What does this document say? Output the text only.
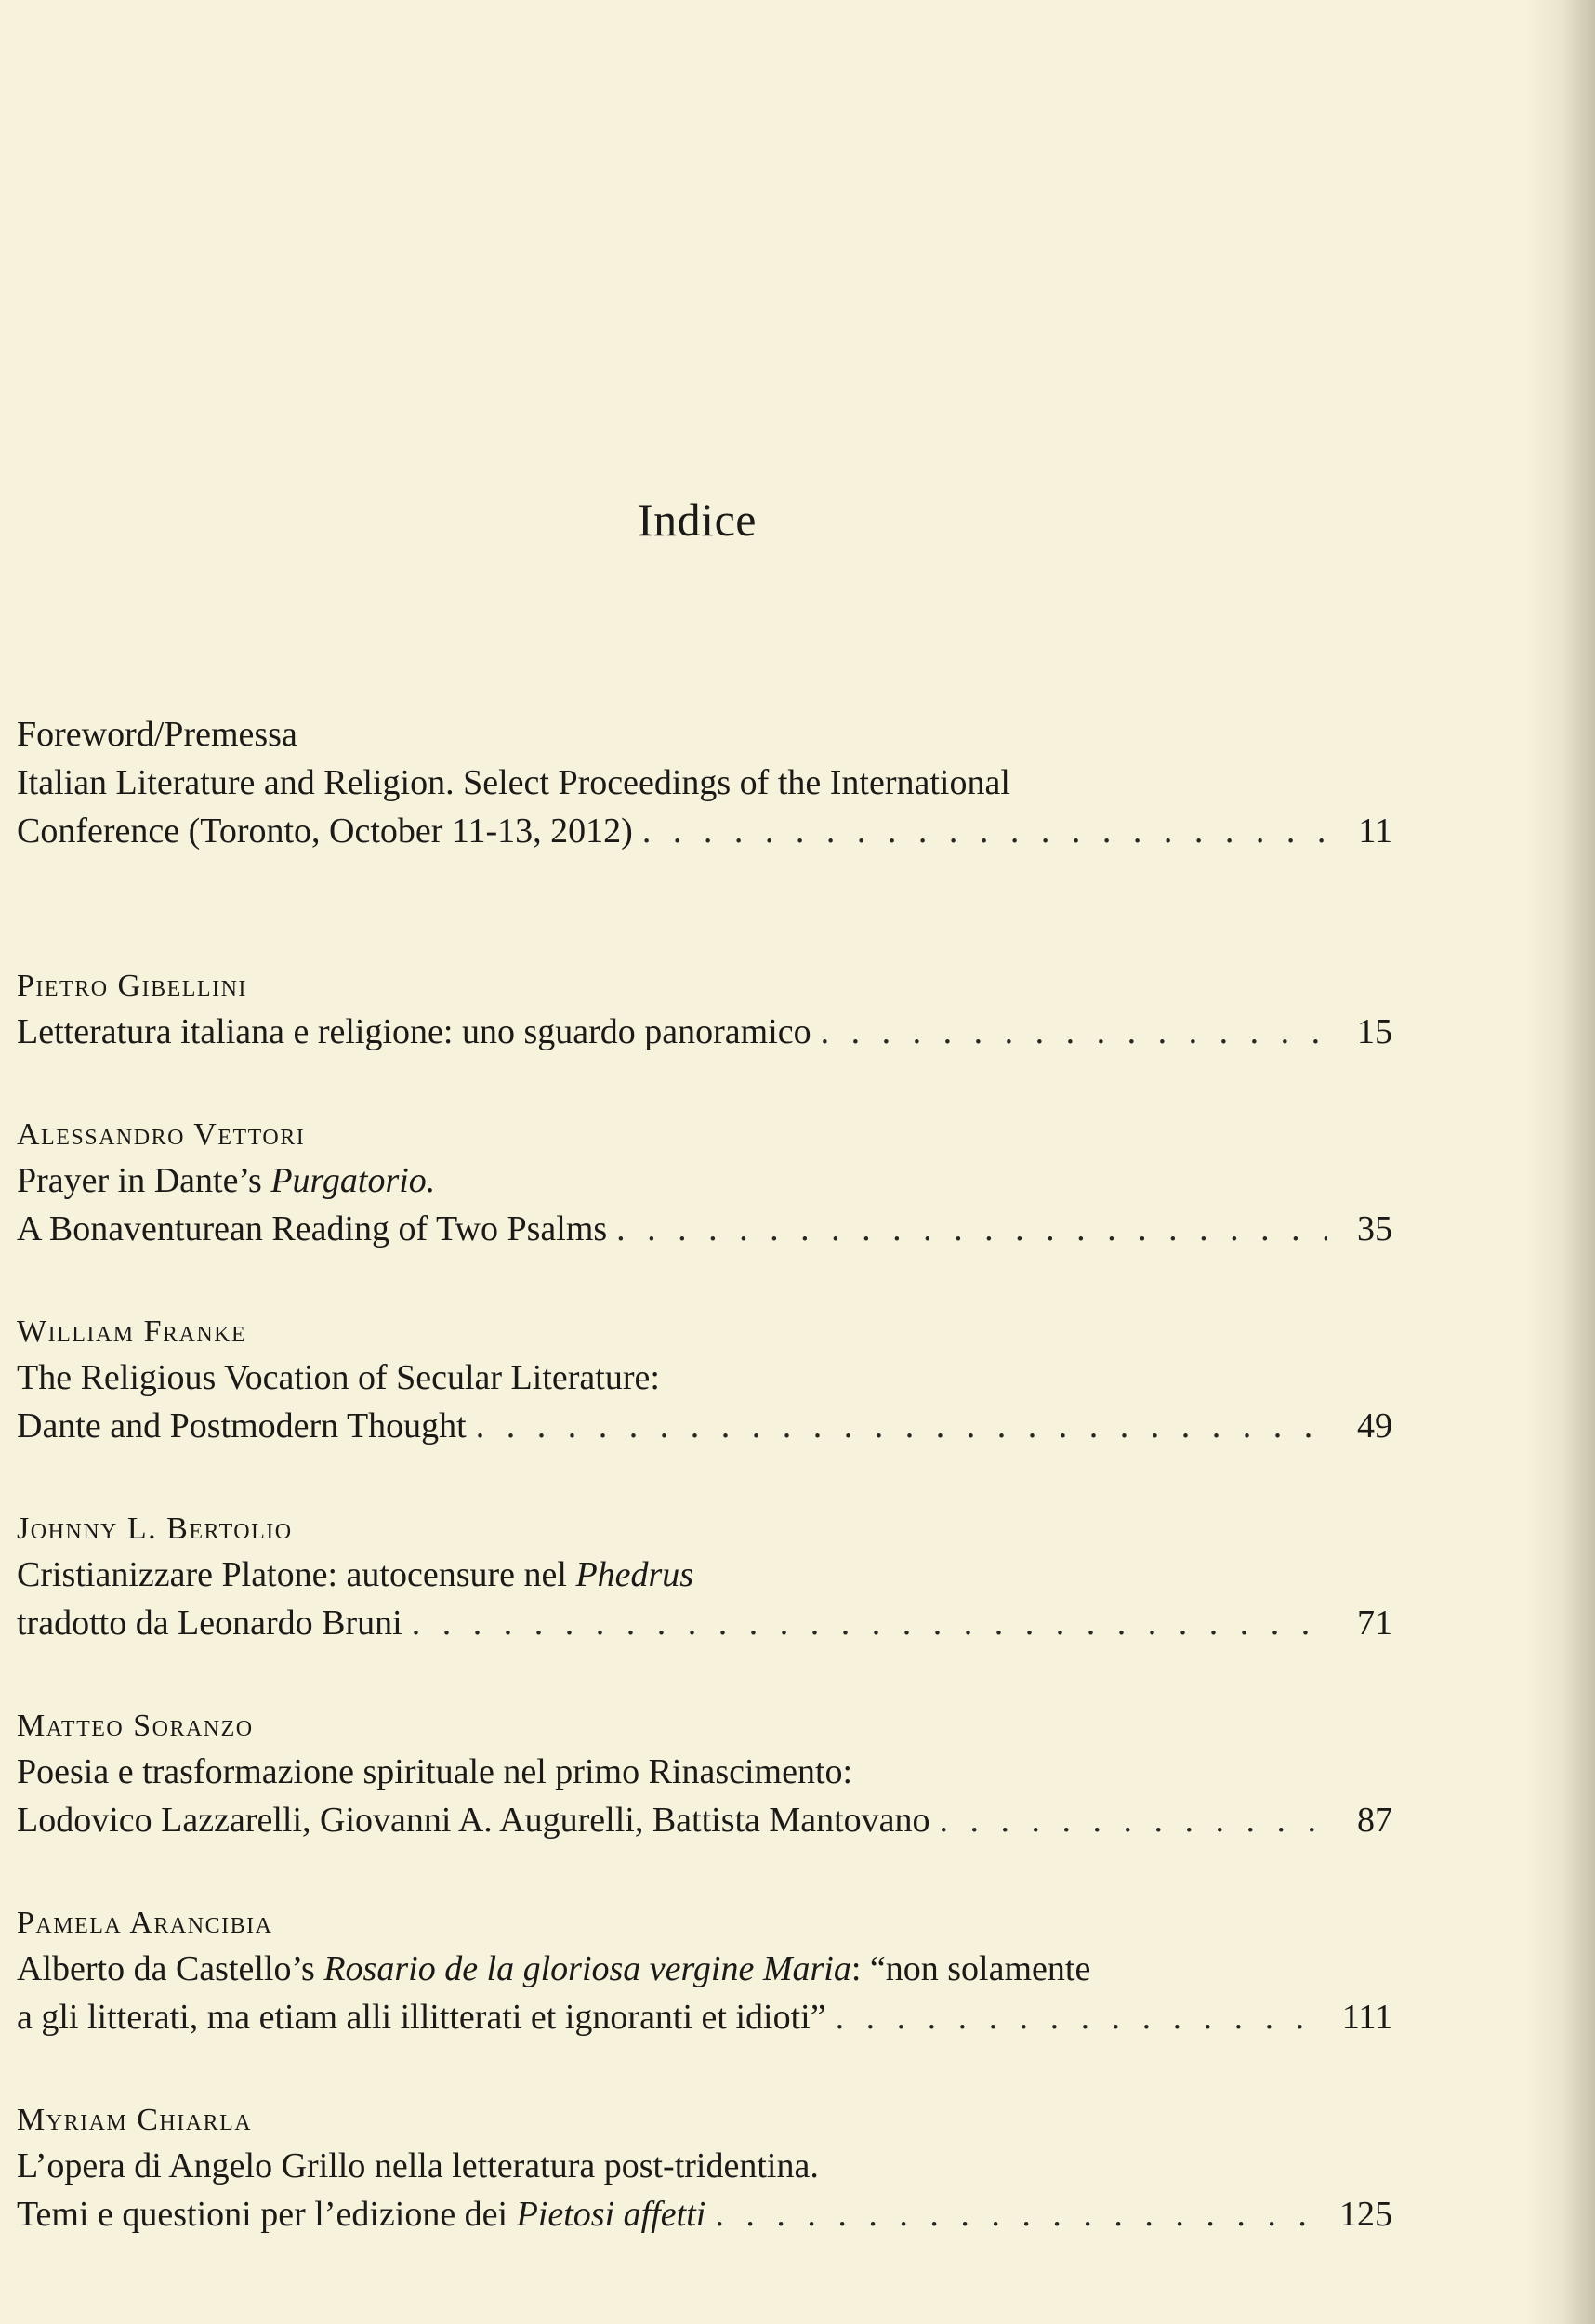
Indice
Foreword/Premessa
Italian Literature and Religion. Select Proceedings of the International
Conference (Toronto, October 11-13, 2012) . . .	11
Pietro Gibellini
Letteratura italiana e religione: uno sguardo panoramico . . .	15
Alessandro Vettori
Prayer in Dante’s Purgatorio.
A Bonaventurean Reading of Two Psalms . . .	35
William Franke
The Religious Vocation of Secular Literature:
Dante and Postmodern Thought . . .	49
Johnny L. Bertolio
Cristianizzare Platone: autocensure nel Phedrus
tradotto da Leonardo Bruni . . .	71
Matteo Soranzo
Poesia e trasformazione spirituale nel primo Rinascimento:
Lodovico Lazzarelli, Giovanni A. Augurelli, Battista Mantovano . . .	87
Pamela Arancibia
Alberto da Castello’s Rosario de la gloriosa vergine Maria: “non solamente
a gli litterati, ma etiam alli illitterati et ignoranti et idioti” . . .	111
Myriam Chiarla
L’opera di Angelo Grillo nella letteratura post-tridentina.
Temi e questioni per l’edizione dei Pietosi affetti . . .	125
